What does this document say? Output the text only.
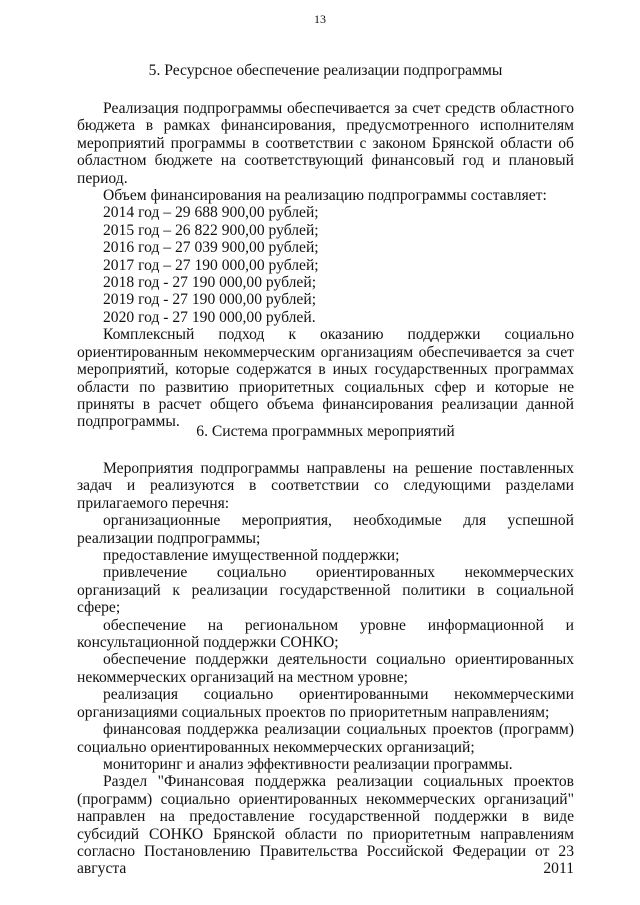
13
5. Ресурсное обеспечение реализации подпрограммы

Реализация подпрограммы обеспечивается за счет средств областного бюджета в рамках финансирования, предусмотренного исполнителям мероприятий программы в соответствии с законом Брянской области об областном бюджете на соответствующий финансовый год и плановый период.

Объем финансирования на реализацию подпрограммы составляет:

2014 год – 29 688 900,00 рублей;

2015 год – 26 822 900,00 рублей;

2016 год – 27 039 900,00 рублей;

2017 год – 27 190 000,00 рублей;

2018 год - 27 190 000,00 рублей;

2019 год - 27 190 000,00 рублей;

2020 год - 27 190 000,00 рублей.

Комплексный подход к оказанию поддержки социально ориентированным некоммерческим организациям обеспечивается за счет мероприятий, которые содержатся в иных государственных программах области по развитию приоритетных социальных сфер и которые не приняты в расчет общего объема финансирования реализации данной подпрограммы.

6. Система программных мероприятий

Мероприятия подпрограммы направлены на решение поставленных задач и реализуются в соответствии со следующими разделами прилагаемого перечня:

организационные мероприятия, необходимые для успешной реализации подпрограммы;

предоставление имущественной поддержки;

привлечение социально ориентированных некоммерческих организаций к реализации государственной политики в социальной сфере;

обеспечение на региональном уровне информационной и консультационной поддержки СОНКО;

обеспечение поддержки деятельности социально ориентированных некоммерческих организаций на местном уровне;

реализация социально ориентированными некоммерческими организациями социальных проектов по приоритетным направлениям;

финансовая поддержка реализации социальных проектов (программ) социально ориентированных некоммерческих организаций;

мониторинг и анализ эффективности реализации программы.

Раздел "Финансовая поддержка реализации социальных проектов (программ) социально ориентированных некоммерческих организаций" направлен на предоставление государственной поддержки в виде субсидий СОНКО Брянской области по приоритетным направлениям согласно Постановлению Правительства Российской Федерации от 23 августа 2011
